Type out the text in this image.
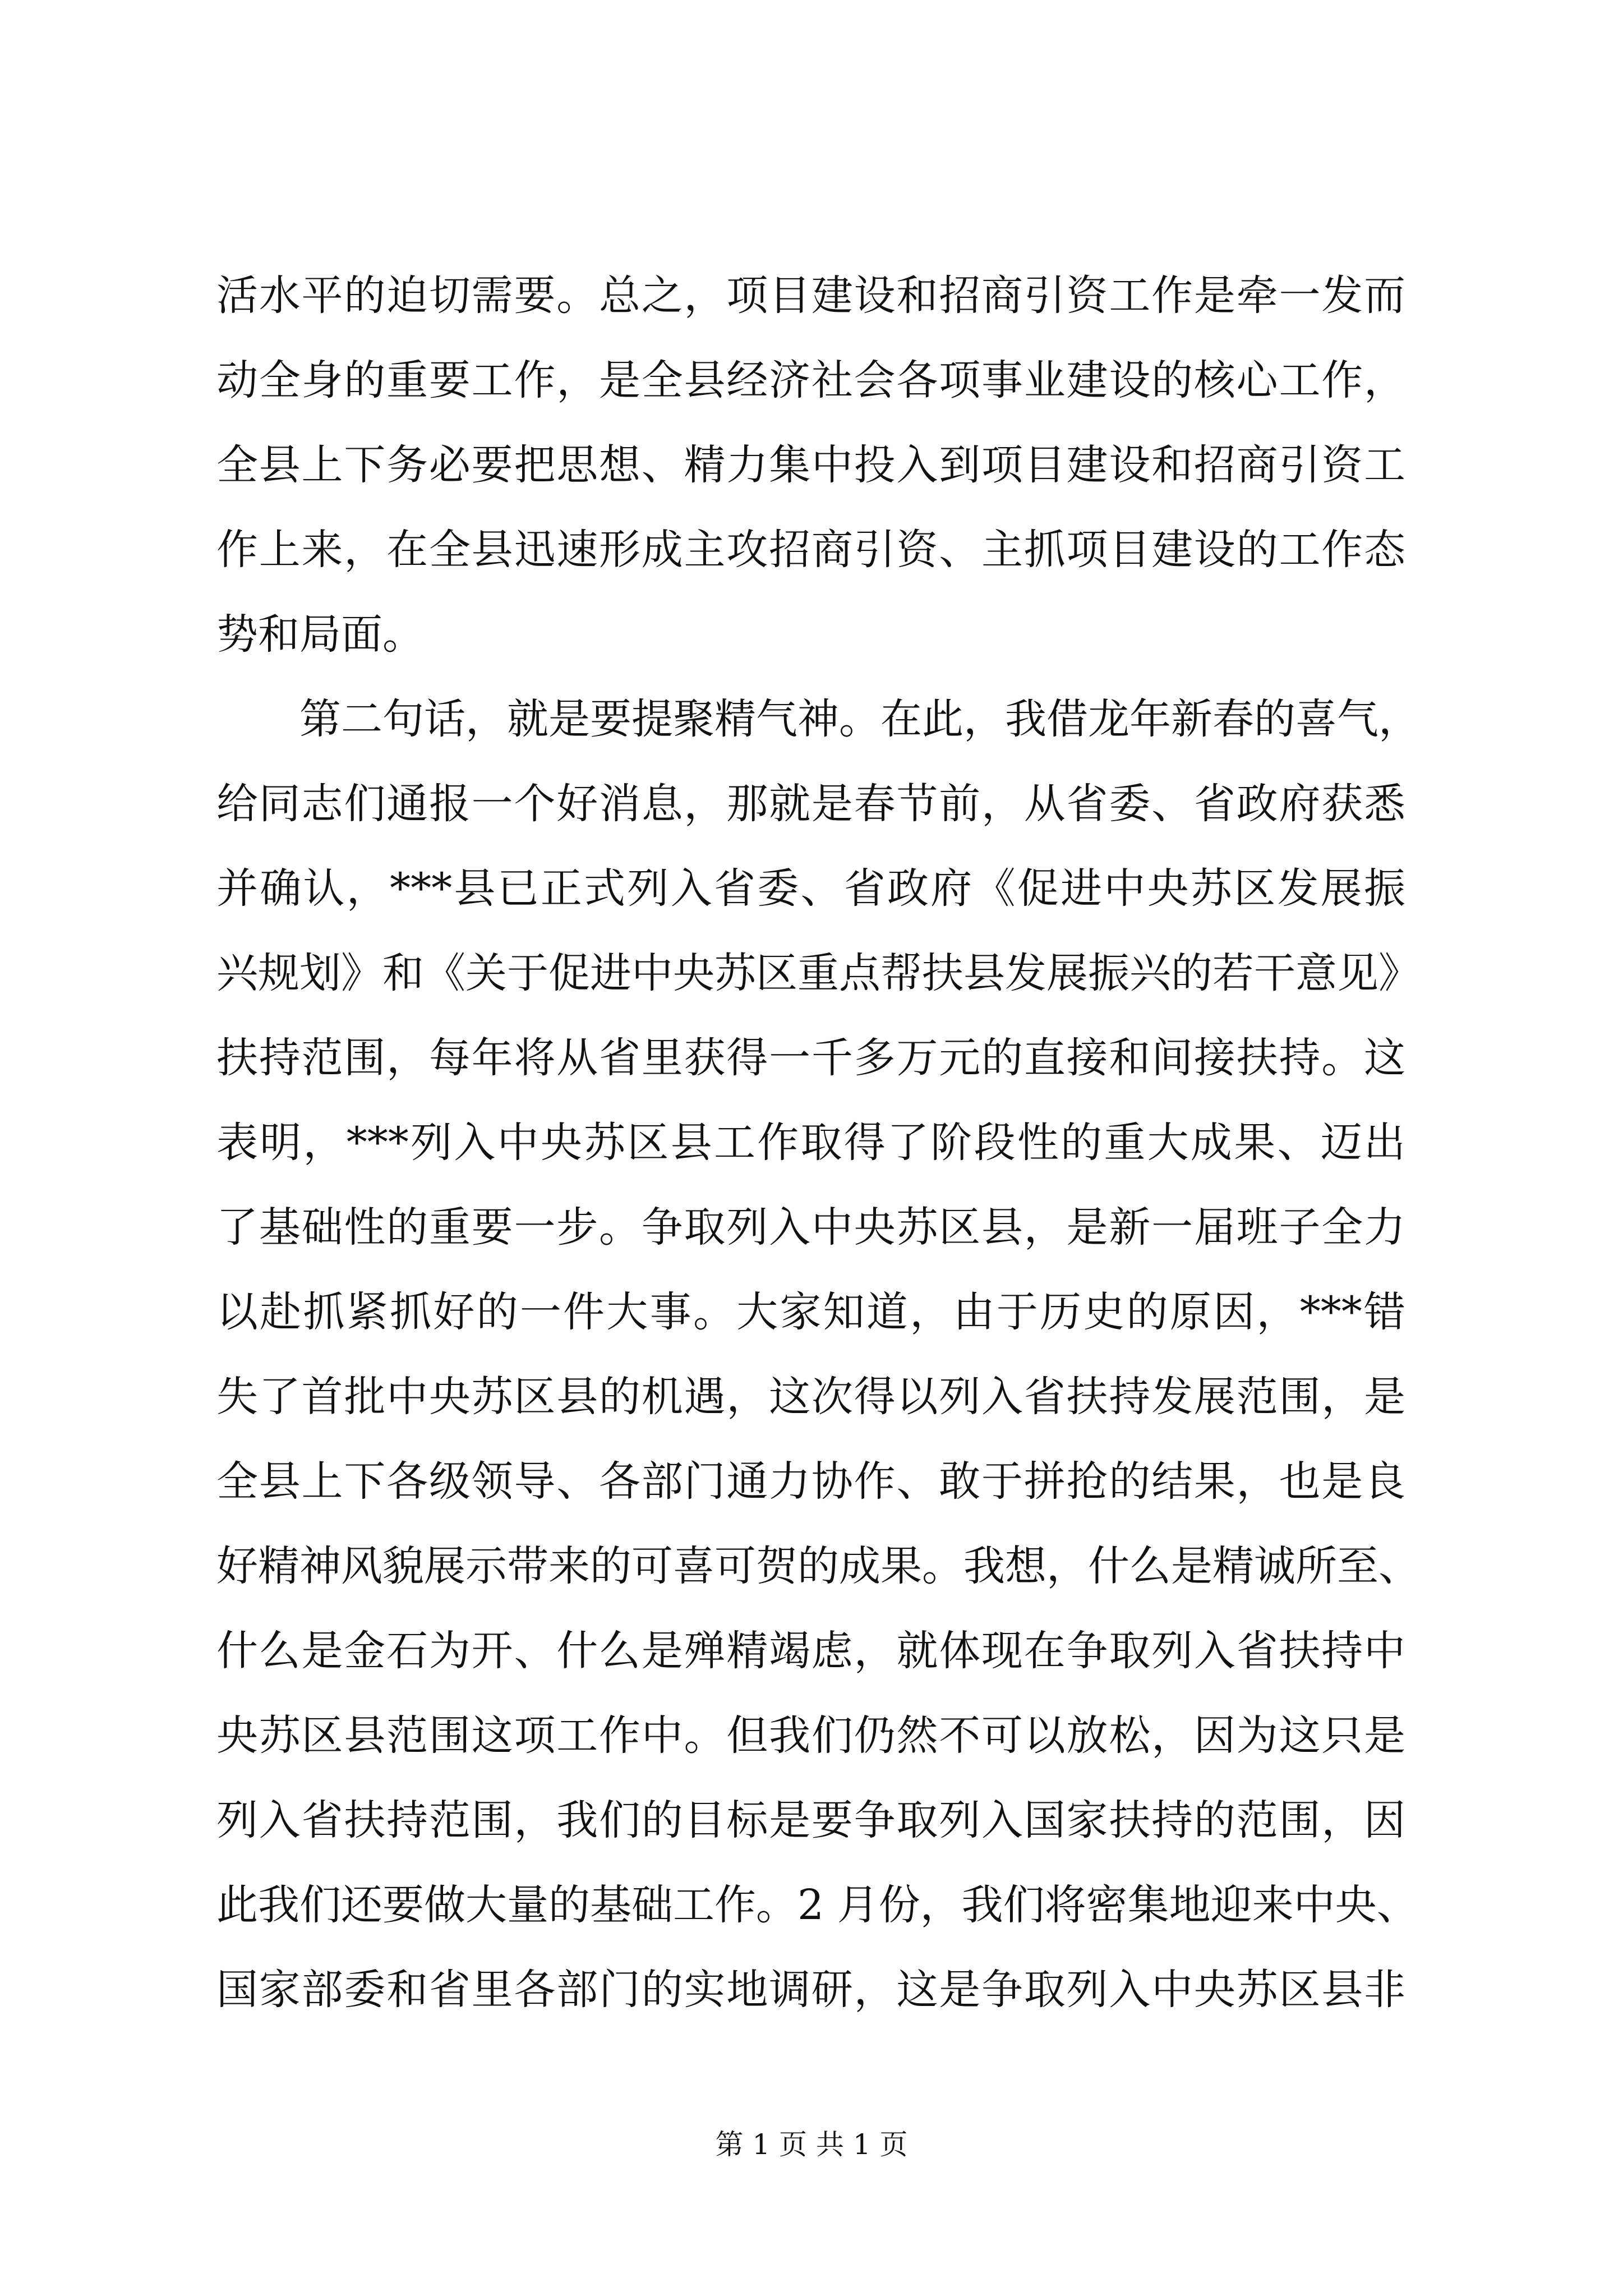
活水平的迫切需要。总之，项目建设和招商引资工作是牵一发而
动全身的重要工作，是全县经济社会各项事业建设的核心工作，
全县上下务必要把思想、精力集中投入到项目建设和招商引资工
作上来，在全县迅速形成主攻招商引资、主抓项目建设的工作态
势和局面。
　　第二句话，就是要提聚精气神。在此，我借龙年新春的喜气，
给同志们通报一个好消息，那就是春节前，从省委、省政府获悉
并确认，***县已正式列入省委、省政府《促进中央苏区发展振
兴规划》和《关于促进中央苏区重点帮扶县发展振兴的若干意见》
扶持范围，每年将从省里获得一千多万元的直接和间接扶持。这
表明，***列入中央苏区县工作取得了阶段性的重大成果、迈出
了基础性的重要一步。争取列入中央苏区县，是新一届班子全力
以赴抓紧抓好的一件大事。大家知道，由于历史的原因，***错
失了首批中央苏区县的机遇，这次得以列入省扶持发展范围，是
全县上下各级领导、各部门通力协作、敢于拼抢的结果，也是良
好精神风貌展示带来的可喜可贺的成果。我想，什么是精诚所至、
什么是金石为开、什么是殚精竭虑，就体现在争取列入省扶持中
央苏区县范围这项工作中。但我们仍然不可以放松，因为这只是
列入省扶持范围，我们的目标是要争取列入国家扶持的范围，因
此我们还要做大量的基础工作。2 月份，我们将密集地迎来中央、
国家部委和省里各部门的实地调研，这是争取列入中央苏区县非
第 1 页 共 1 页
